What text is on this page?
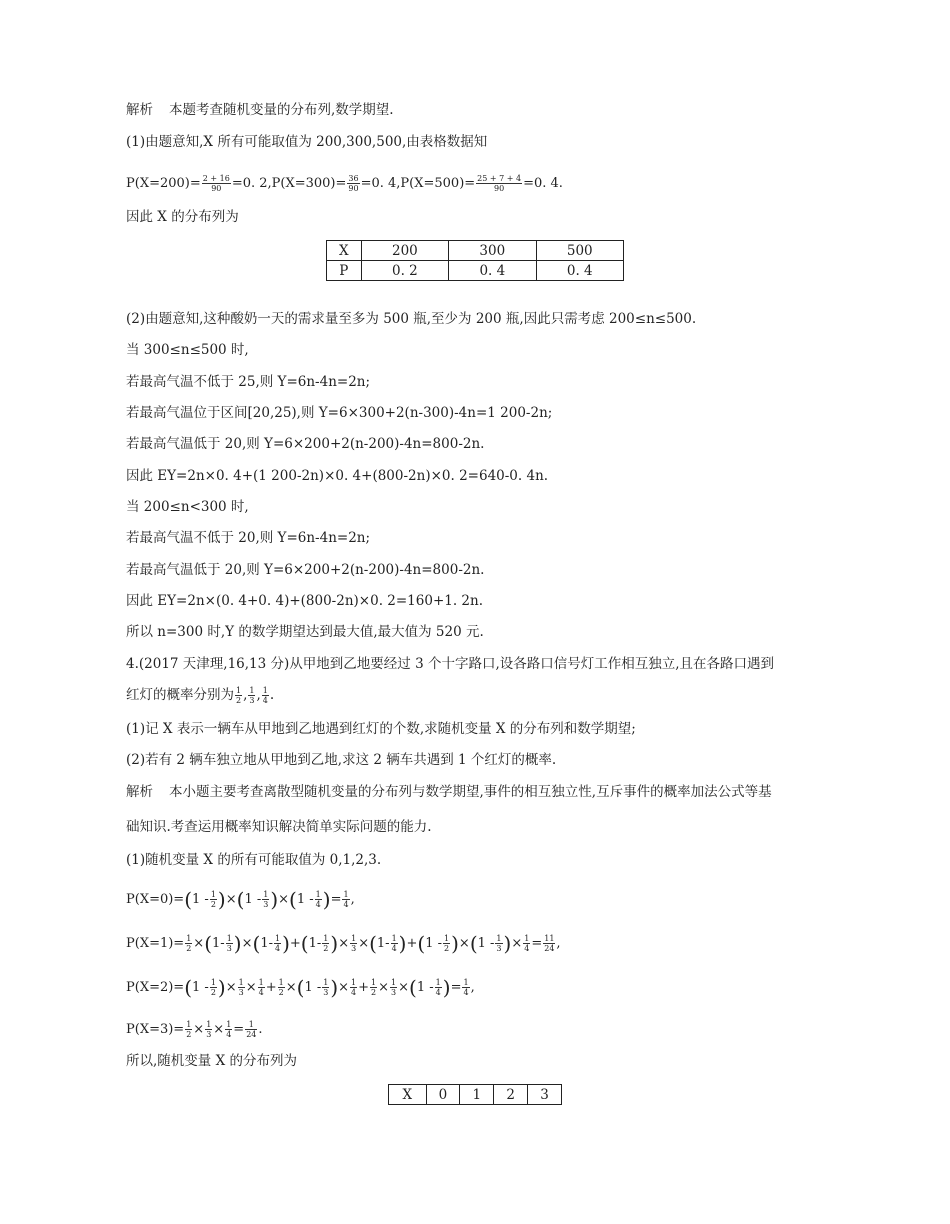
解析 本题考查随机变量的分布列,数学期望.
(1)由题意知,X 所有可能取值为 200,300,500,由表格数据知
$P(X=200)= \frac{2 + 16}{90} =0$. $2,P(X=300)= \frac{36}{90} =0$. $4,P(X=500)= \frac{25 + 7 + 4}{90} =0$. 4.
因此 X 的分布列为
X	200	300	500
P	0. 2	0. 4	0. 4
(2)由题意知,这种酸奶一天的需求量至多为 500 瓶,至少为 200 瓶,因此只需考虑 200≤n≤500.
当 300≤n≤500 时,
若最高气温不低于 25,则 Y=6n-4n=2n;
若最高气温位于区间[20,25),则 Y=6×300+2(n-300)-4n=1 200-2n;
若最高气温低于 20,则 Y=6×200+2(n-200)-4n=800-2n.
因此 EY=2n×0. 4+(1 200-2n)×0. 4+(800-2n)×0. 2=640-0. 4n.
当 200≤n<300 时,
若最高气温不低于 20,则 Y=6n-4n=2n;
若最高气温低于 20,则 Y=6×200+2(n-200)-4n=800-2n.
因此 EY=2n×(0. 4+0. 4)+(800-2n)×0. 2=160+1. 2n.
所以 n=300 时,Y 的数学期望达到最大值,最大值为 520 元.
4.(2017 天津理,16,13 分)从甲地到乙地要经过 3 个十字路口,设各路口信号灯工作相互独立,且在各路口遇到
红灯的概率分别为 $\frac{1}{2}$ , $\frac{1}{3}$ , $\frac{1}{4}$ .
(1)记 X 表示一辆车从甲地到乙地遇到红灯的个数,求随机变量 X 的分布列和数学期望;
(2)若有 2 辆车独立地从甲地到乙地,求这 2 辆车共遇到 1 个红灯的概率.
解析 本小题主要考查离散型随机变量的分布列与数学期望,事件的相互独立性,互斥事件的概率加法公式等基
础知识.考查运用概率知识解决简单实际问题的能力.
(1)随机变量 X 的所有可能取值为 0,1,2,3.
$P(X=0)=(1 - \frac{1}{2} )\times(1 - \frac{1}{3} )\times(1 - \frac{1}{4}$ )= $\frac{1}{4}$ ,
$P(X=1)= \frac{1}{2} \times(1- \frac{1}{3} )\times(1- \frac{1}{4} )+(1- \frac{1}{2}$ )× $\frac{1}{3} \times(1- \frac{1}{4} )+(1 - \frac{1}{2} )\times(1 - \frac{1}{3}$ )× $\frac{1}{4} = \frac{11}{24}$ ,
$P(X=2)=(1 - \frac{1}{2}$ )× $\frac{1}{3} \times \frac{1}{4} + \frac{1}{2} \times(1 - \frac{1}{3}$ )× $\frac{1}{4} + \frac{1}{2} \times \frac{1}{3} \times(1 - \frac{1}{4}$ )= $\frac{1}{4}$ ,
$P(X=3)= \frac{1}{2} \times \frac{1}{3} \times \frac{1}{4} = \frac{1}{24}$ .
所以,随机变量 X 的分布列为
X	0	1	2	3
